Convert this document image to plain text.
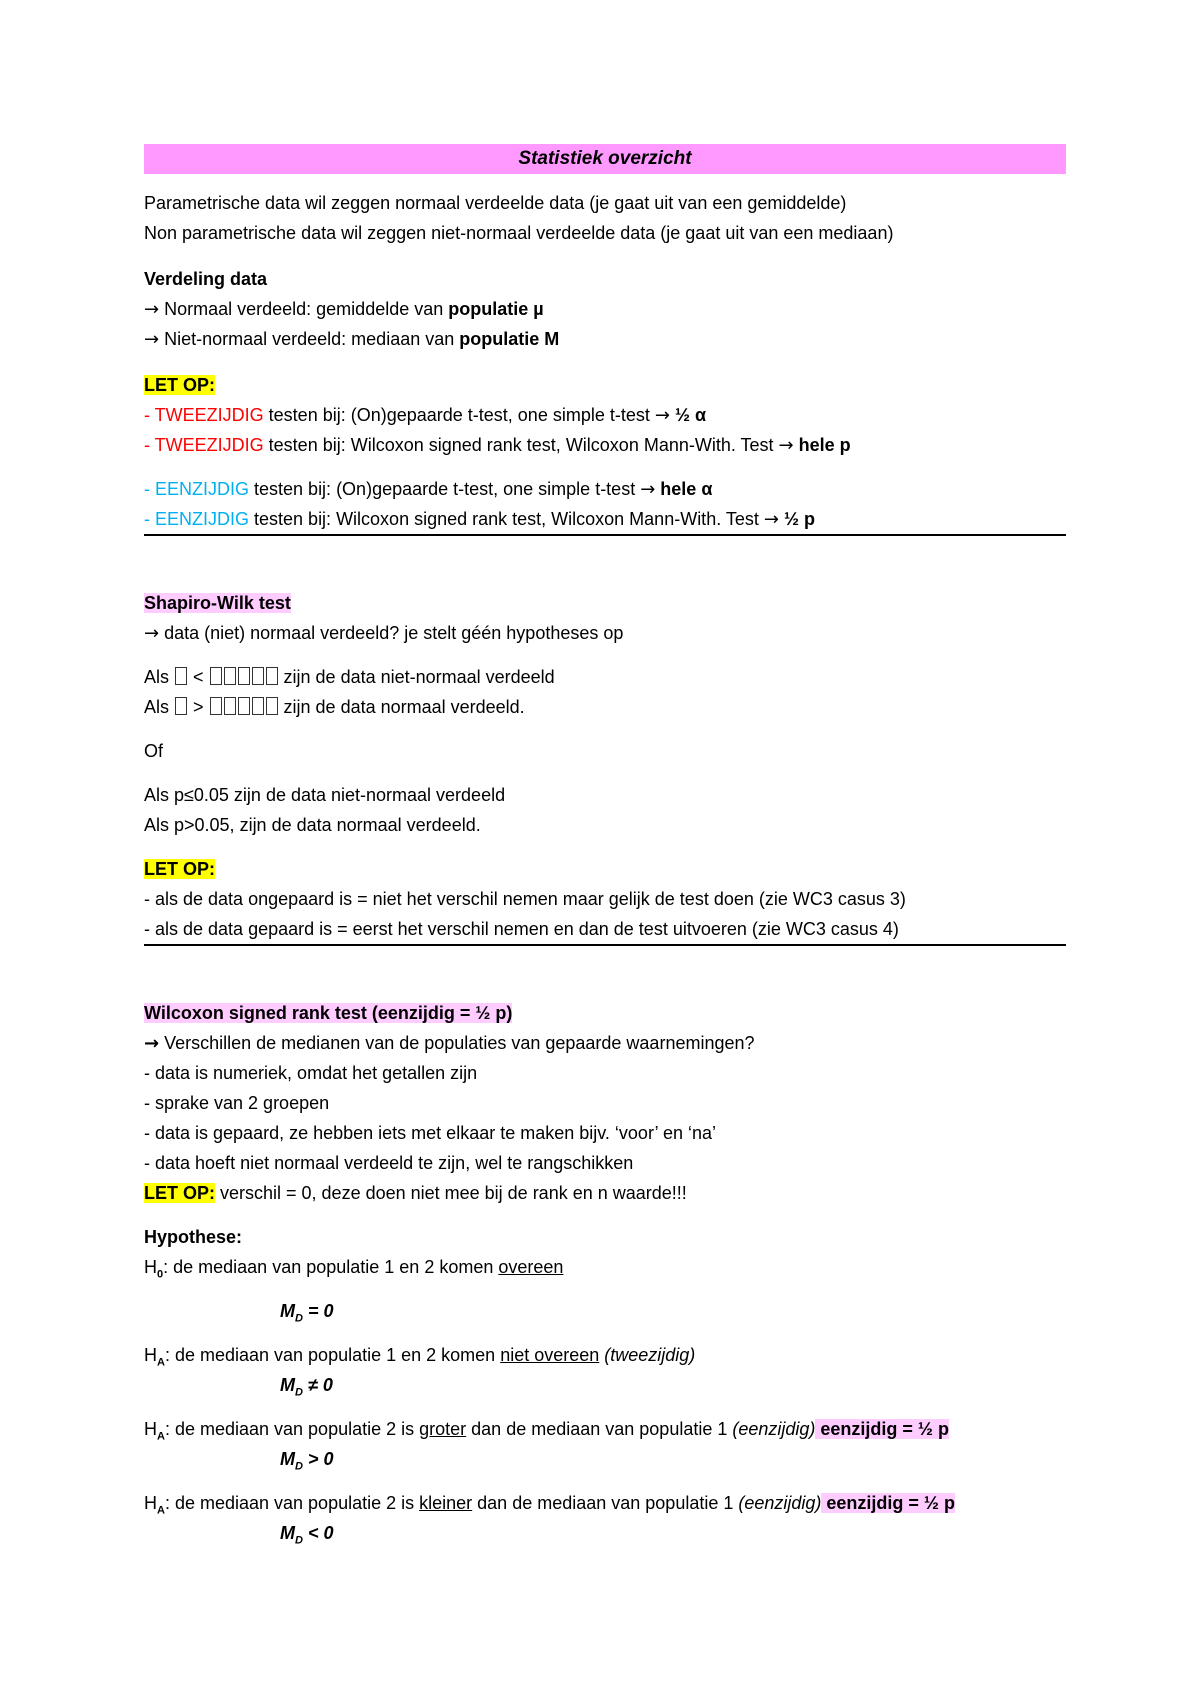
Statistiek overzicht
Parametrische data wil zeggen normaal verdeelde data (je gaat uit van een gemiddelde)
Non parametrische data wil zeggen niet-normaal verdeelde data (je gaat uit van een mediaan)
Verdeling data
→ Normaal verdeeld: gemiddelde van populatie µ
→ Niet-normaal verdeeld: mediaan van populatie M
LET OP:
- TWEEZIJDIG testen bij: (On)gepaarde t-test, one simple t-test → ½ α
- TWEEZIJDIG testen bij: Wilcoxon signed rank test, Wilcoxon Mann-With. Test → hele p
- EENZIJDIG testen bij: (On)gepaarde t-test, one simple t-test → hele α
- EENZIJDIG testen bij: Wilcoxon signed rank test, Wilcoxon Mann-With. Test → ½ p
Shapiro-Wilk test
→ data (niet) normaal verdeeld? je stelt géén hypotheses op
Als  <	zijn de data niet-normaal verdeeld
Als  >	zijn de data normaal verdeeld.
Of
Als p≤0.05 zijn de data niet-normaal verdeeld
Als p>0.05, zijn de data normaal verdeeld.
LET OP:
- als de data ongepaard is = niet het verschil nemen maar gelijk de test doen (zie WC3 casus 3)
- als de data gepaard is = eerst het verschil nemen en dan de test uitvoeren (zie WC3 casus 4)
Wilcoxon signed rank test (eenzijdig = ½ p)
→ Verschillen de medianen van de populaties van gepaarde waarnemingen?
- data is numeriek, omdat het getallen zijn
- sprake van 2 groepen
- data is gepaard, ze hebben iets met elkaar te maken bijv. ‘voor’ en ‘na’
- data hoeft niet normaal verdeeld te zijn, wel te rangschikken
LET OP: verschil = 0, deze doen niet mee bij de rank en n waarde!!!
Hypothese:
$H_0$: de mediaan van populatie 1 en 2 komen overeen
$M_D = 0$
$H_A$: de mediaan van populatie 1 en 2 komen niet overeen (tweezijdig)
$M_D \ne 0$
$H_A$: de mediaan van populatie 2 is groter dan de mediaan van populatie 1 (eenzijdig) eenzijdig = ½ p
$M_D > 0$
$H_A$: de mediaan van populatie 2 is kleiner dan de mediaan van populatie 1 (eenzijdig) eenzijdig = ½ p
$M_D < 0$
